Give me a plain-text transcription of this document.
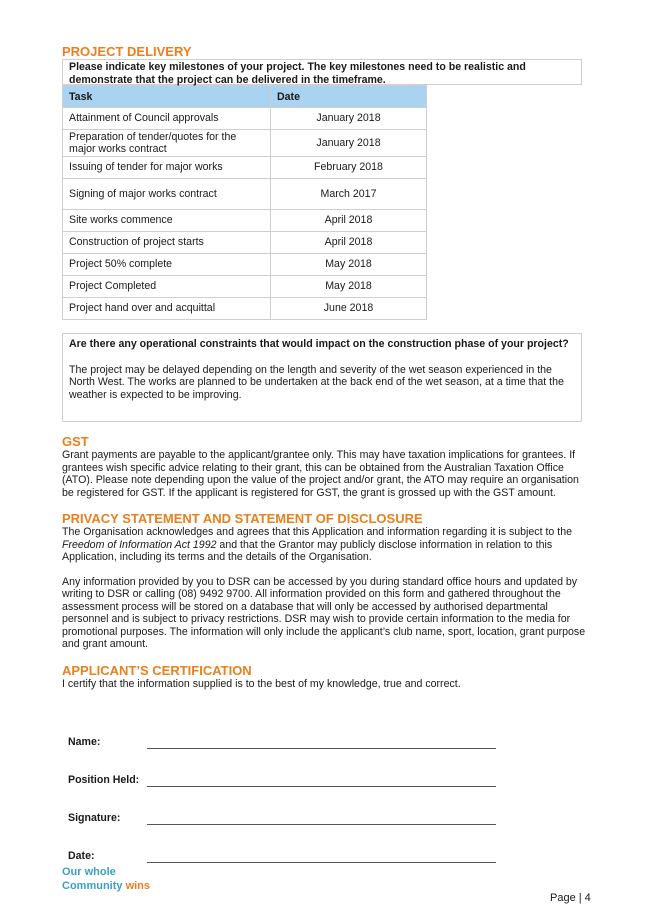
PROJECT DELIVERY
Please indicate key milestones of your project. The key milestones need to be realistic and demonstrate that the project can be delivered in the timeframe.
Task	Date
Attainment of Council approvals	January 2018
Preparation of tender/quotes for the major works contract	January 2018
Issuing of tender for major works	February 2018
Signing of major works contract	March 2017
Site works commence	April 2018
Construction of project starts	April 2018
Project 50% complete	May 2018
Project Completed	May 2018
Project hand over and acquittal	June 2018
Are there any operational constraints that would impact on the construction phase of your project?
The project may be delayed depending on the length and severity of the wet season experienced in the North West. The works are planned to be undertaken at the back end of the wet season, at a time that the weather is expected to be improving.
GST

Grant payments are payable to the applicant/grantee only. This may have taxation implications for grantees. If grantees wish specific advice relating to their grant, this can be obtained from the Australian Taxation Office (ATO). Please note depending upon the value of the project and/or grant, the ATO may require an organisation be registered for GST. If the applicant is registered for GST, the grant is grossed up with the GST amount.

PRIVACY STATEMENT AND STATEMENT OF DISCLOSURE

The Organisation acknowledges and agrees that this Application and information regarding it is subject to the Freedom of Information Act 1992 and that the Grantor may publicly disclose information in relation to this Application, including its terms and the details of the Organisation.

Any information provided by you to DSR can be accessed by you during standard office hours and updated by writing to DSR or calling (08) 9492 9700. All information provided on this form and gathered throughout the assessment process will be stored on a database that will only be accessed by authorised departmental personnel and is subject to privacy restrictions. DSR may wish to provide certain information to the media for promotional purposes. The information will only include the applicant’s club name, sport, location, grant purpose and grant amount.

APPLICANT’S CERTIFICATION

I certify that the information supplied is to the best of my knowledge, true and correct.

Name:
Position Held:
Signature:
Date:
Our whole
Community wins
Page | 4
